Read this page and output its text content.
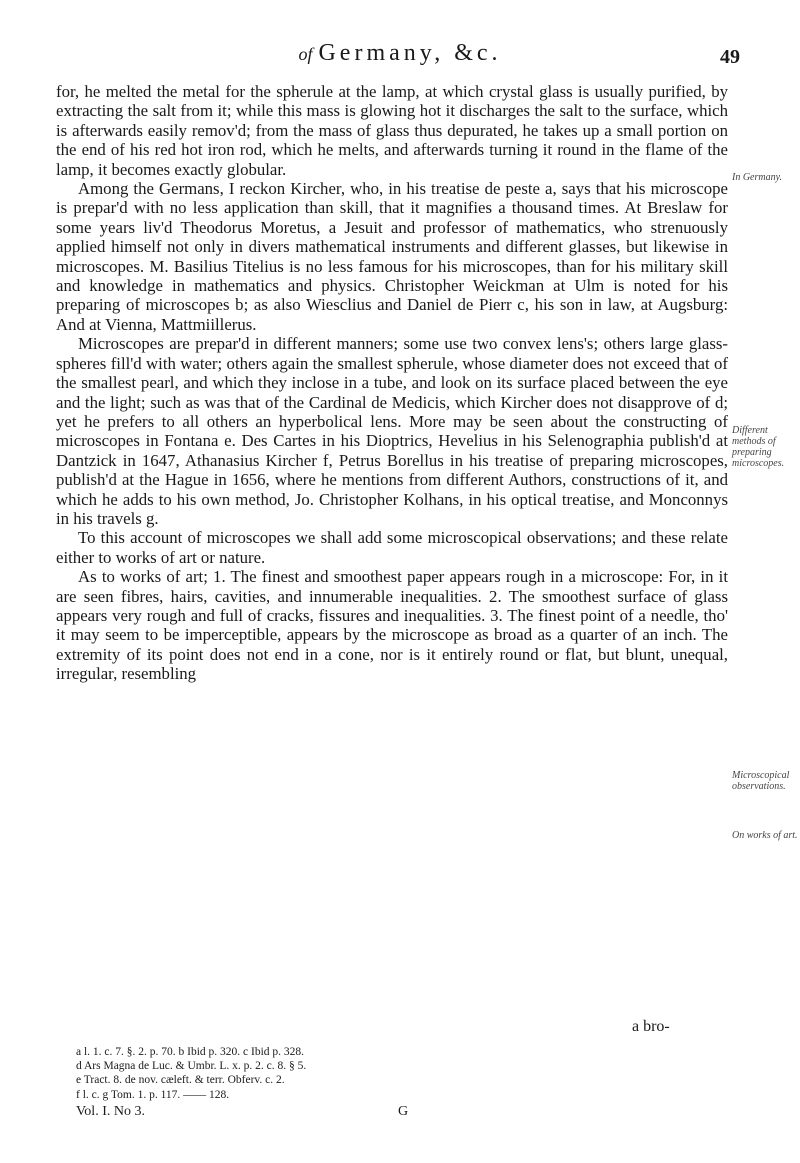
of Germany, &c.	49

for, he melted the metal for the spherule at the lamp, at which crystal glass is usually purified, by extracting the salt from it; while this mass is glowing hot it discharges the salt to the surface, which is afterwards easily remov'd; from the mass of glass thus depurated, he takes up a small portion on the end of his red hot iron rod, which he melts, and afterwards turning it round in the flame of the lamp, it becomes exactly globular.

Among the Germans, I reckon Kircher, who, in his treatise de peste a, says that his microscope is prepar'd with no less application than skill, that it magnifies a thousand times. At Breslaw for some years liv'd Theodorus Moretus, a Jesuit and professor of mathematics, who strenuously applied himself not only in divers mathematical instruments and different glasses, but likewise in microscopes. M. Basilius Titelius is no less famous for his microscopes, than for his military skill and knowledge in mathematics and physics. Christopher Weickman at Ulm is noted for his preparing of microscopes b; as also Wiesclius and Daniel de Pierr c, his son in law, at Augsburg: And at Vienna, Mattmiillerus.

Microscopes are prepar'd in different manners; some use two convex lens's; others large glass-spheres fill'd with water; others again the smallest spherule, whose diameter does not exceed that of the smallest pearl, and which they inclose in a tube, and look on its surface placed between the eye and the light; such as was that of the Cardinal de Medicis, which Kircher does not disapprove of d; yet he prefers to all others an hyperbolical lens. More may be seen about the constructing of microscopes in Fontana e. Des Cartes in his Dioptrics, Hevelius in his Selenographia publish'd at Dantzick in 1647, Athanasius Kircher f, Petrus Borellus in his treatise of preparing microscopes, publish'd at the Hague in 1656, where he mentions from different Authors, constructions of it, and which he adds to his own method, Jo. Christopher Kolhans, in his optical treatise, and Monconnys in his travels g.

To this account of microscopes we shall add some microscopical observations; and these relate either to works of art or nature.

As to works of art; 1. The finest and smoothest paper appears rough in a microscope: For, in it are seen fibres, hairs, cavities, and innumerable inequalities. 2. The smoothest surface of glass appears very rough and full of cracks, fissures and inequalities. 3. The finest point of a needle, tho' it may seem to be imperceptible, appears by the microscope as broad as a quarter of an inch. The extremity of its point does not end in a cone, nor is it entirely round or flat, but blunt, unequal, irregular, resembling

In Germany.
Different methods of preparing microscopes.
Microscopical observations.
On works of art.
a bro-
a l. 1. c. 7. §. 2. p. 70. b Ibid p. 320. c Ibid p. 328.
d Ars Magna de Luc. & Umbr. L. x. p. 2. c. 8. § 5.
e Tract. 8. de nov. cæleft. & terr. Obferv. c. 2.
f l. c. g Tom. 1. p. 117. —— 128.
Vol. I. No 3.	G
